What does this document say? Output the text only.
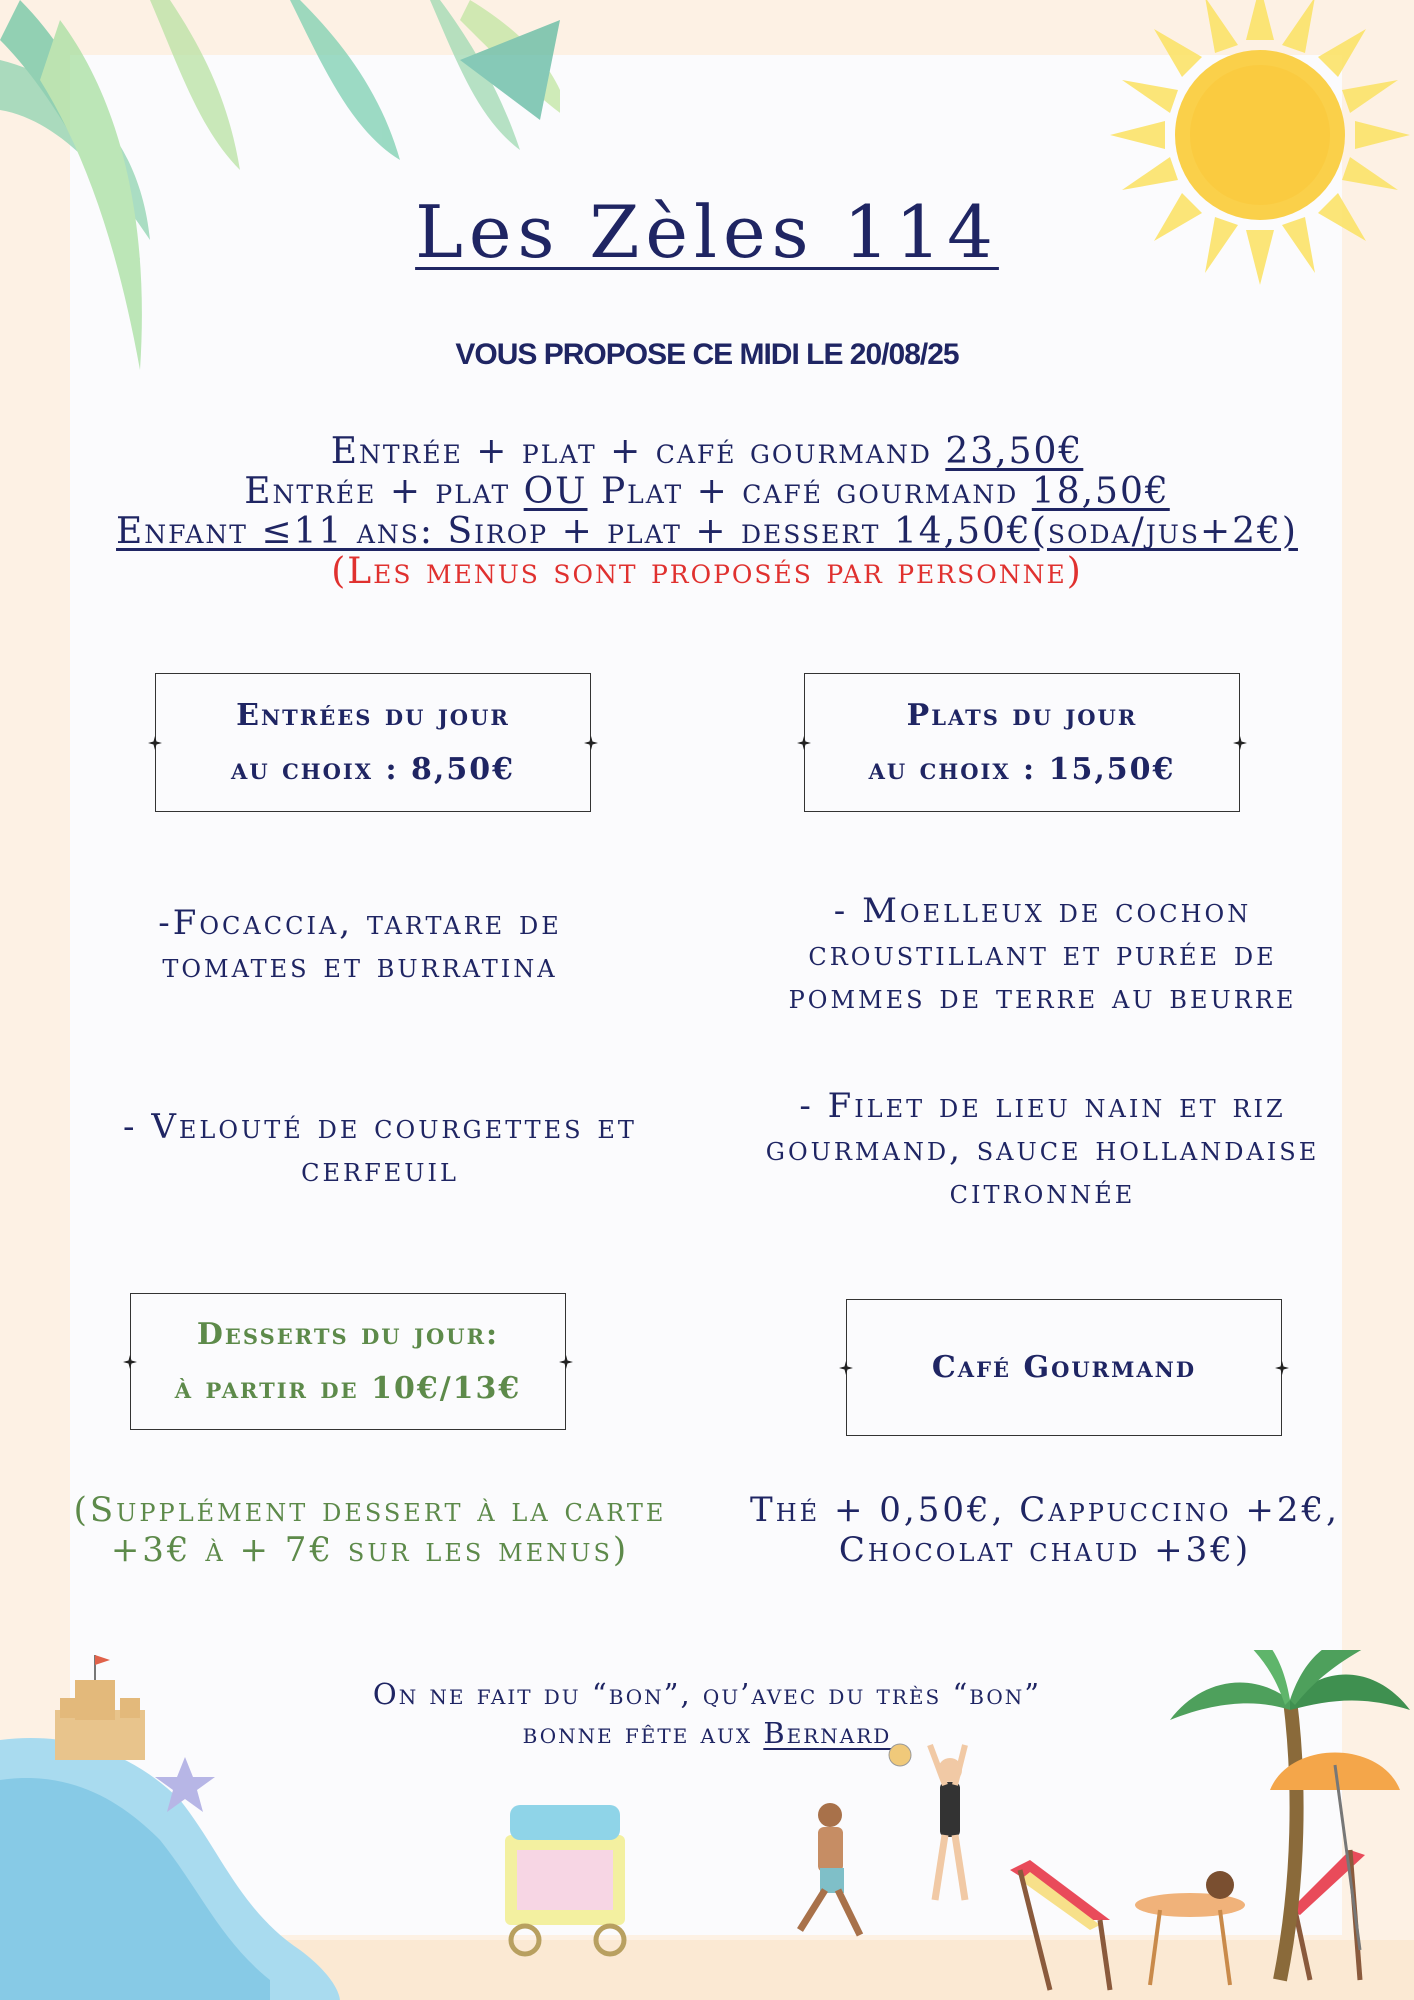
Les Zèles 114
VOUS PROPOSE CE MIDI LE 20/08/25
Entrée + plat + café gourmand 23,50€
Entrée + plat OU Plat + café gourmand 18,50€
Enfant ≤11 ans: Sirop + plat + dessert 14,50€(soda/jus+2€)
(Les menus sont proposés par personne)
Entrées du jour
au choix : 8,50€
Plats du jour
au choix : 15,50€
-Focaccia, tartare de
tomates et burratina
- Velouté de courgettes et
cerfeuil
- Moelleux de cochon
croustillant et purée de
pommes de terre au beurre
- Filet de lieu nain et riz
gourmand, sauce hollandaise
citronnée
Desserts du jour:
à partir de 10€/13€
Café Gourmand
(Supplément dessert à la carte
+3€ à + 7€ sur les menus)
Thé + 0,50€, Cappuccino +2€,
Chocolat chaud +3€)
On ne fait du “bon”, qu’avec du très “bon”
bonne fête aux Bernard
